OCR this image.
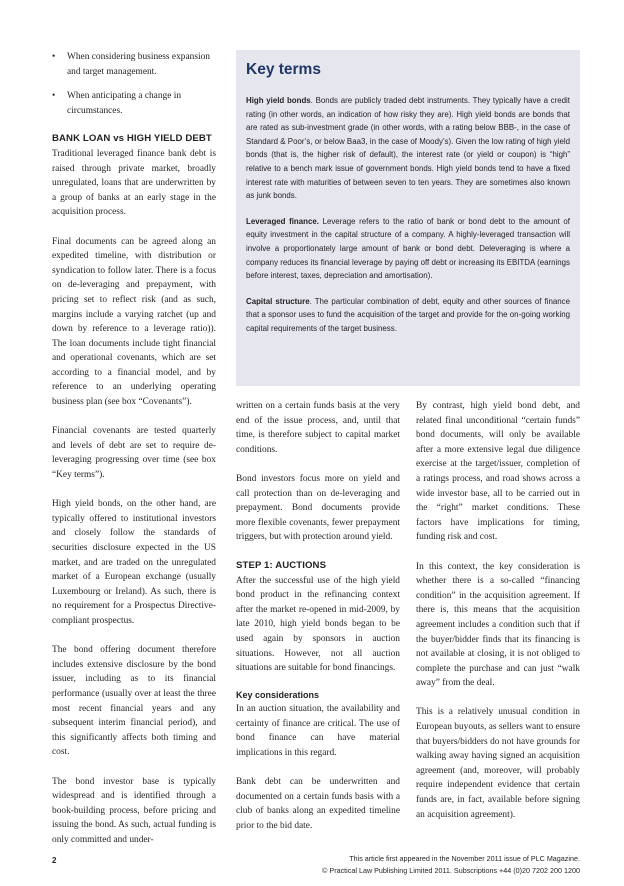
• When considering business expansion and target management.
• When anticipating a change in circumstances.
BANK LOAN vs HIGH YIELD DEBT

Traditional leveraged finance bank debt is raised through private market, broadly unregulated, loans that are underwritten by a group of banks at an early stage in the acquisition process.

Final documents can be agreed along an expedited timeline, with distribution or syndication to follow later. There is a focus on de-leveraging and prepayment, with pricing set to reflect risk (and as such, margins include a varying ratchet (up and down by reference to a leverage ratio)). The loan documents include tight financial and operational covenants, which are set according to a financial model, and by reference to an underlying operating business plan (see box “Covenants”).

Financial covenants are tested quarterly and levels of debt are set to require de-leveraging progressing over time (see box “Key terms”).

High yield bonds, on the other hand, are typically offered to institutional investors and closely follow the standards of securities disclosure expected in the US market, and are traded on the unregulated market of a European exchange (usually Luxembourg or Ireland). As such, there is no requirement for a Prospectus Directive-compliant prospectus.

The bond offering document therefore includes extensive disclosure by the bond issuer, including as to its financial performance (usually over at least the three most recent financial years and any subsequent interim financial period), and this significantly affects both timing and cost.

The bond investor base is typically widespread and is identified through a book-building process, before pricing and issuing the bond. As such, actual funding is only committed and under-

Key terms

High yield bonds. Bonds are publicly traded debt instruments. They typically have a credit rating (in other words, an indication of how risky they are). High yield bonds are bonds that are rated as sub-investment grade (in other words, with a rating below BBB-, in the case of Standard & Poor’s, or below Baa3, in the case of Moody’s). Given the low rating of high yield bonds (that is, the higher risk of default), the interest rate (or yield or coupon) is “high” relative to a bench mark issue of government bonds. High yield bonds tend to have a fixed interest rate with maturities of between seven to ten years. They are sometimes also known as junk bonds.

Leveraged finance. Leverage refers to the ratio of bank or bond debt to the amount of equity investment in the capital structure of a company. A highly-leveraged transaction will involve a proportionately large amount of bank or bond debt. Deleveraging is where a company reduces its financial leverage by paying off debt or increasing its EBITDA (earnings before interest, taxes, depreciation and amortisation).

Capital structure. The particular combination of debt, equity and other sources of finance that a sponsor uses to fund the acquisition of the target and provide for the on-going working capital requirements of the target business.

written on a certain funds basis at the very end of the issue process, and, until that time, is therefore subject to capital market conditions.

Bond investors focus more on yield and call protection than on de-leveraging and prepayment. Bond documents provide more flexible covenants, fewer prepayment triggers, but with protection around yield.

STEP 1: AUCTIONS

After the successful use of the high yield bond product in the refinancing context after the market re-opened in mid-2009, by late 2010, high yield bonds began to be used again by sponsors in auction situations. However, not all auction situations are suitable for bond financings.

Key considerations

In an auction situation, the availability and certainty of finance are critical. The use of bond finance can have material implications in this regard.

Bank debt can be underwritten and documented on a certain funds basis with a club of banks along an expedited timeline prior to the bid date.

By contrast, high yield bond debt, and related final unconditional “certain funds” bond documents, will only be available after a more extensive legal due diligence exercise at the target/issuer, completion of a ratings process, and road shows across a wide investor base, all to be carried out in the “right” market conditions. These factors have implications for timing, funding risk and cost.

In this context, the key consideration is whether there is a so-called “financing condition” in the acquisition agreement. If there is, this means that the acquisition agreement includes a condition such that if the buyer/bidder finds that its financing is not available at closing, it is not obliged to complete the purchase and can just “walk away” from the deal.

This is a relatively unusual condition in European buyouts, as sellers want to ensure that buyers/bidders do not have grounds for walking away having signed an acquisition agreement (and, moreover, will probably require independent evidence that certain funds are, in fact, available before signing an acquisition agreement).

2	This article first appeared in the November 2011 issue of PLC Magazine.
© Practical Law Publishing Limited 2011. Subscriptions +44 (0)20 7202 200 1200
